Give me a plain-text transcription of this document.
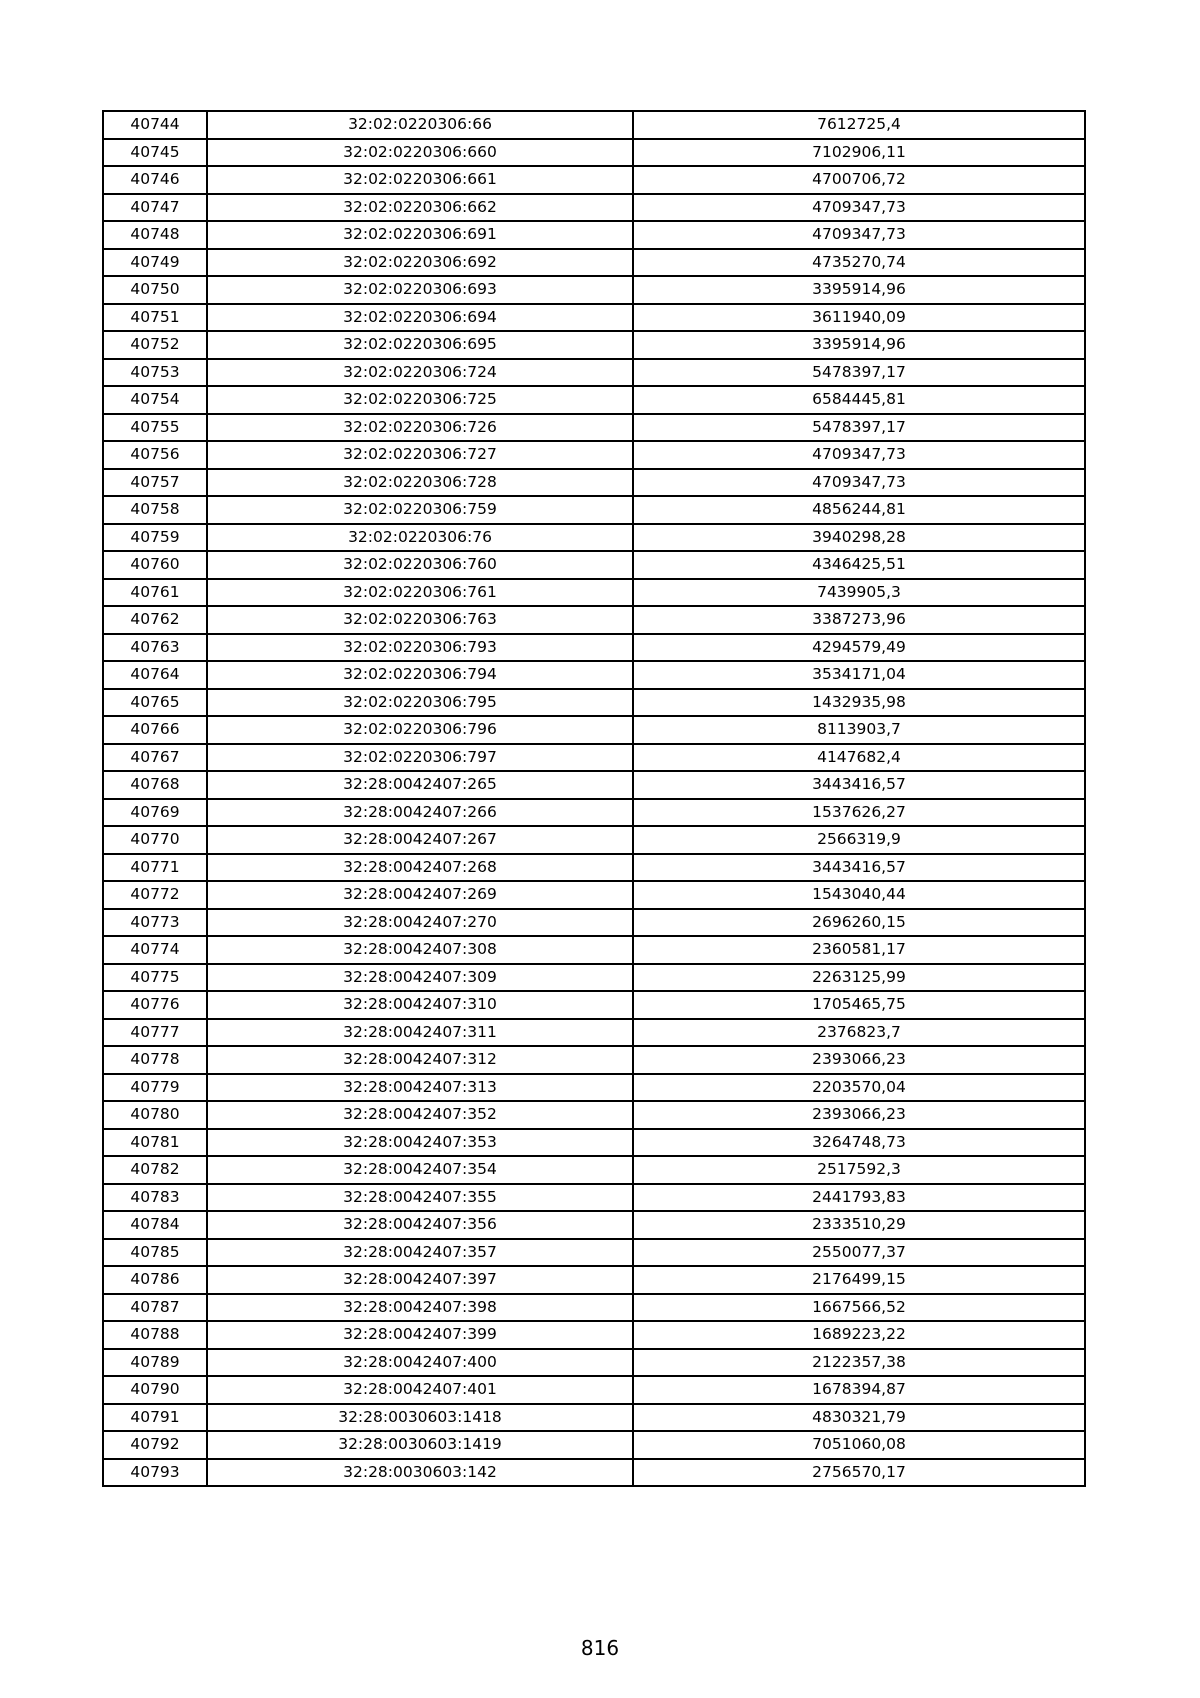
40744	32:02:0220306:66	7612725,4
40745	32:02:0220306:660	7102906,11
40746	32:02:0220306:661	4700706,72
40747	32:02:0220306:662	4709347,73
40748	32:02:0220306:691	4709347,73
40749	32:02:0220306:692	4735270,74
40750	32:02:0220306:693	3395914,96
40751	32:02:0220306:694	3611940,09
40752	32:02:0220306:695	3395914,96
40753	32:02:0220306:724	5478397,17
40754	32:02:0220306:725	6584445,81
40755	32:02:0220306:726	5478397,17
40756	32:02:0220306:727	4709347,73
40757	32:02:0220306:728	4709347,73
40758	32:02:0220306:759	4856244,81
40759	32:02:0220306:76	3940298,28
40760	32:02:0220306:760	4346425,51
40761	32:02:0220306:761	7439905,3
40762	32:02:0220306:763	3387273,96
40763	32:02:0220306:793	4294579,49
40764	32:02:0220306:794	3534171,04
40765	32:02:0220306:795	1432935,98
40766	32:02:0220306:796	8113903,7
40767	32:02:0220306:797	4147682,4
40768	32:28:0042407:265	3443416,57
40769	32:28:0042407:266	1537626,27
40770	32:28:0042407:267	2566319,9
40771	32:28:0042407:268	3443416,57
40772	32:28:0042407:269	1543040,44
40773	32:28:0042407:270	2696260,15
40774	32:28:0042407:308	2360581,17
40775	32:28:0042407:309	2263125,99
40776	32:28:0042407:310	1705465,75
40777	32:28:0042407:311	2376823,7
40778	32:28:0042407:312	2393066,23
40779	32:28:0042407:313	2203570,04
40780	32:28:0042407:352	2393066,23
40781	32:28:0042407:353	3264748,73
40782	32:28:0042407:354	2517592,3
40783	32:28:0042407:355	2441793,83
40784	32:28:0042407:356	2333510,29
40785	32:28:0042407:357	2550077,37
40786	32:28:0042407:397	2176499,15
40787	32:28:0042407:398	1667566,52
40788	32:28:0042407:399	1689223,22
40789	32:28:0042407:400	2122357,38
40790	32:28:0042407:401	1678394,87
40791	32:28:0030603:1418	4830321,79
40792	32:28:0030603:1419	7051060,08
40793	32:28:0030603:142	2756570,17
816
